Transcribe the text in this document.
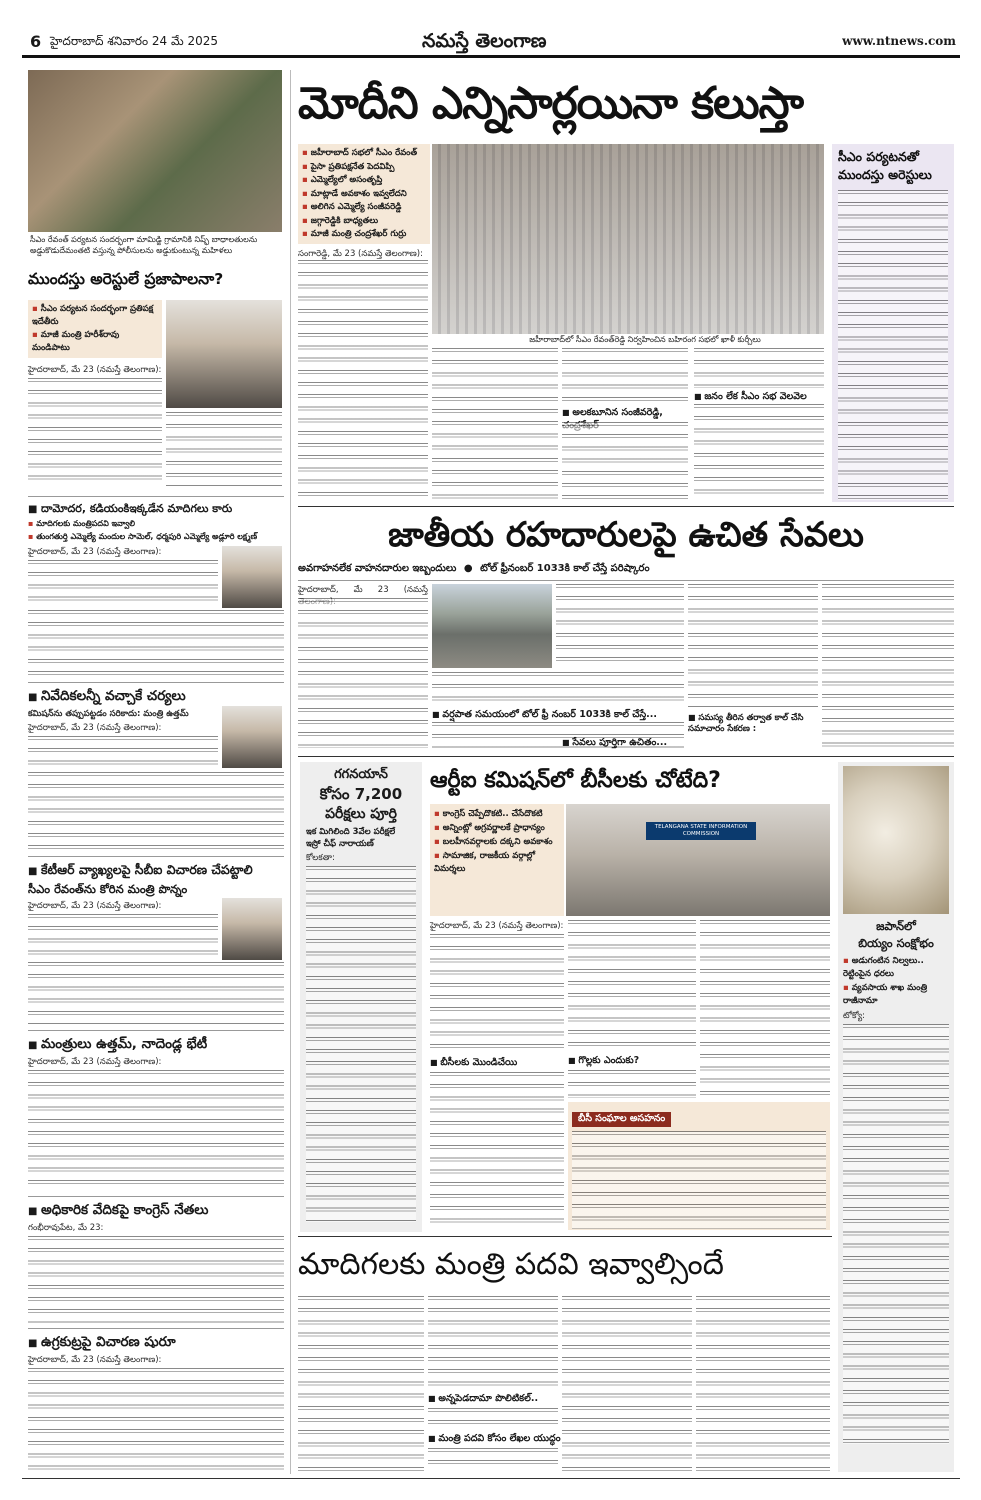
6 హైదరాబాద్ శనివారం 24 మే 2025	నమస్తే తెలంగాణ	www.ntnews.com
సీఎం రేవంత్ పర్యటన సందర్భంగా మామిడ్జి గ్రామానికి నిష్ఫ్ బాధాలతులను అడ్డుకొడుదేమంతటి వస్తున్న పోలీసులను అడ్డుకుంటున్న మహిళలు
మోదీని ఎన్నిసార్లయినా కలుస్తా
▪ జహీరాబాద్ సభలో సీఎం రేవంత్
▪ పైసా ప్రతిపక్షనేత పెదవిప్పి
▪ ఎమ్మెల్యేలో అసంతృప్తి
▪ మాట్లాడే అవకాశం ఇవ్వలేదని
▪ అలిగిన ఎమ్మెల్యే సంజీవరెడ్డి
▪ జగ్గారెడ్డికి బాధ్యతలు
▪ మాజీ మంత్రి చంద్రశేఖర్ గుర్రు
జహీరాబాద్‌లో సీఎం రేవంత్‌రెడ్డి నిర్వహించిన బహిరంగ సభలో ఖాళీ కుర్చీలు
సంగారెడ్డి, మే 23 (నమస్తే తెలంగాణ):
■ అలకబూనిన సంజీవరెడ్డి,
■ జనం లేక సీఎం సభ వెలవెల
సీఎం పర్యటనతో
ముందస్తు అరెస్టులు
ముందస్తు అరెస్టులే ప్రజాపాలనా?
▪ సీఎం పర్యటన సందర్భంగా ప్రతిపక్ష ఇదేతీరు
▪ మాజీ మంత్రి హరీశ్‌రావు మండిపాటు
హైదరాబాద్, మే 23 (నమస్తే తెలంగాణ):
■ దామోదర, కడియంకిఇక్కడేన మాదిగలు కారు
▪ మాదిగలకు మంత్రిపదవి ఇవ్వాలి
▪ తుంగతుర్తి ఎమ్మెల్యే మందుల సామెల్, ధర్మపురి ఎమ్మెల్యే అడ్లూరి లక్ష్మణ్
హైదరాబాద్, మే 23 (నమస్తే తెలంగాణ):
■ నివేదికలన్నీ వచ్చాకే చర్యలు
కమిషన్‌ను తప్పుపట్టడం సరికాదు: మంత్రి ఉత్తమ్
హైదరాబాద్, మే 23 (నమస్తే తెలంగాణ):
■ కేటీఆర్ వ్యాఖ్యలపై సీబీఐ విచారణ చేపట్టాలి
సీఎం రేవంత్‌ను కోరిన మంత్రి పొన్నం
హైదరాబాద్, మే 23 (నమస్తే తెలంగాణ):
■ మంత్రులు ఉత్తమ్, నాదెండ్ల భేటీ
హైదరాబాద్, మే 23 (నమస్తే తెలంగాణ):
■ అధికారిక వేదికపై కాంగ్రెస్ నేతలు
గంభీరావుపేట, మే 23:
■ ఉగ్రకుట్రపై విచారణ షురూ
హైదరాబాద్, మే 23 (నమస్తే తెలంగాణ):
జాతీయ రహదారులపై ఉచిత సేవలు
అవగాహనలేక వాహనదారుల ఇబ్బందులు ● టోల్ ఫ్రీనంబర్ 1033కి కాల్ చేస్తే పరిష్కారం
హైదరాబాద్, మే 23 (నమస్తే
■ వర్షపాత సమయంలో టోల్ ఫ్రీ నంబర్ 1033కి కాల్ చేస్తే...
■ సేవలు పూర్తిగా ఉచితం...
■ సమస్య తీరిన తర్వాత కాల్ చేసి సమాచారం సేకరణ :
గగనయాన్
కోసం 7,200
పరీక్షలు పూర్తి
ఇక మిగిలింది 3వేల పరీక్షలే
ఇస్రో చీఫ్ నారాయణ్
కోలకతా:
ఆర్టీఐ కమిషన్‌లో బీసీలకు చోటేది?
▪ కాంగ్రెస్ చెప్పేదొకటి.. చేసేదొకటి
▪ అన్నింట్లో అగ్రవర్ణాలకే ప్రాధాన్యం
▪ బలహీనవర్గాలకు దక్కని అవకాశం
▪ సామాజిక, రాజకీయ వర్గాల్లో విమర్శలు
TELANGANA STATE INFORMATION COMMISSION
హైదరాబాద్, మే 23 (నమస్తే తెలంగాణ):
■ బీసీలకు మొండిచేయి
■	గొల్లకు ఎందుకు?
బీసీ సంఘాల అసహనం
జపాన్‌లో
బియ్యం సంక్షోభం
▪ అడుగంటిన నిల్వలు.. రెట్టింపైన ధరలు
▪ వ్యవసాయ శాఖ మంత్రి రాజీనామా
టోక్యో:
మాదిగలకు మంత్రి పదవి ఇవ్వాల్సిందే
■ అన్నపెడదామా పొలిటికల్..
■ మంత్రి పదవి కోసం లేఖల యుద్ధం
